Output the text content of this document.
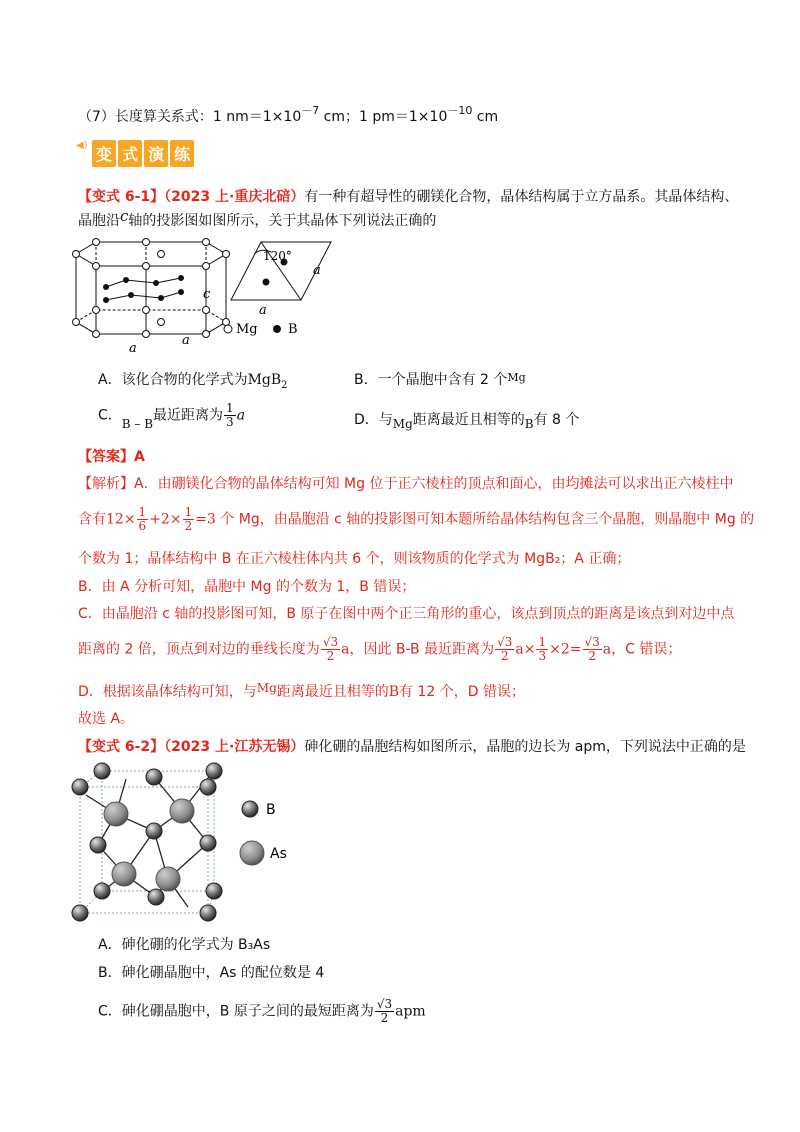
（7）长度算关系式：1 $nm=1\times 10^{-7}$ cm；1 $pm=1\times 10^{-10}$ cm
◀) 变 式 演 练
【变式 6-1】（2023 上·重庆北碚）有一种有超导性的硼镁化合物，晶体结构属于立方晶系。其晶体结构、
晶胞沿c轴的投影图如图所示，关于其晶体下列说法正确的
a
a
c
120°
a
a
Mg B
A．该化合物的化学式为MgB$_2$	B．一个晶胞中含有 2 个$^{Mg}$
C．B – B最近距离为 $\frac{1}{3}$ a	D．与Mg距离最近且相等的B有 8 个
【答案】A
【解析】A．由硼镁化合物的晶体结构可知 Mg 位于正六棱柱的顶点和面心，由均摊法可以求出正六棱柱中
含有$12\times \frac{1}{6} +2\times \frac{1}{2} =3$ 个 Mg，由晶胞沿 c 轴的投影图可知本题所给晶体结构包含三个晶胞，则晶胞中 Mg 的
个数为 1；晶体结构中 B 在正六棱柱体内共 6 个，则该物质的化学式为 MgB₂；A 正确；
B．由 A 分析可知，晶胞中 Mg 的个数为 1，B 错误；
C．由晶胞沿 c 轴的投影图可知，B 原子在图中两个正三角形的重心，该点到顶点的距离是该点到对边中点
距离的 2 倍，顶点到对边的垂线长度为 $\frac{√3}{2}$ a，因此 B-B 最近距离为 $\frac{√3}{2} a\times \frac{1}{3} \times 2= \frac{√3}{2}$ a，C 错误；
D．根据该晶体结构可知，与Mg距离最近且相等的B有 12 个，D 错误；
故选 A。
【变式 6-2】（2023 上·江苏无锡）砷化硼的晶胞结构如图所示，晶胞的边长为 apm，下列说法中正确的是
B
As
A．砷化硼的化学式为 B₃As
B．砷化硼晶胞中，As 的配位数是 4
C．砷化硼晶胞中，B 原子之间的最短距离为 $\frac{√3}{2}$ apm
